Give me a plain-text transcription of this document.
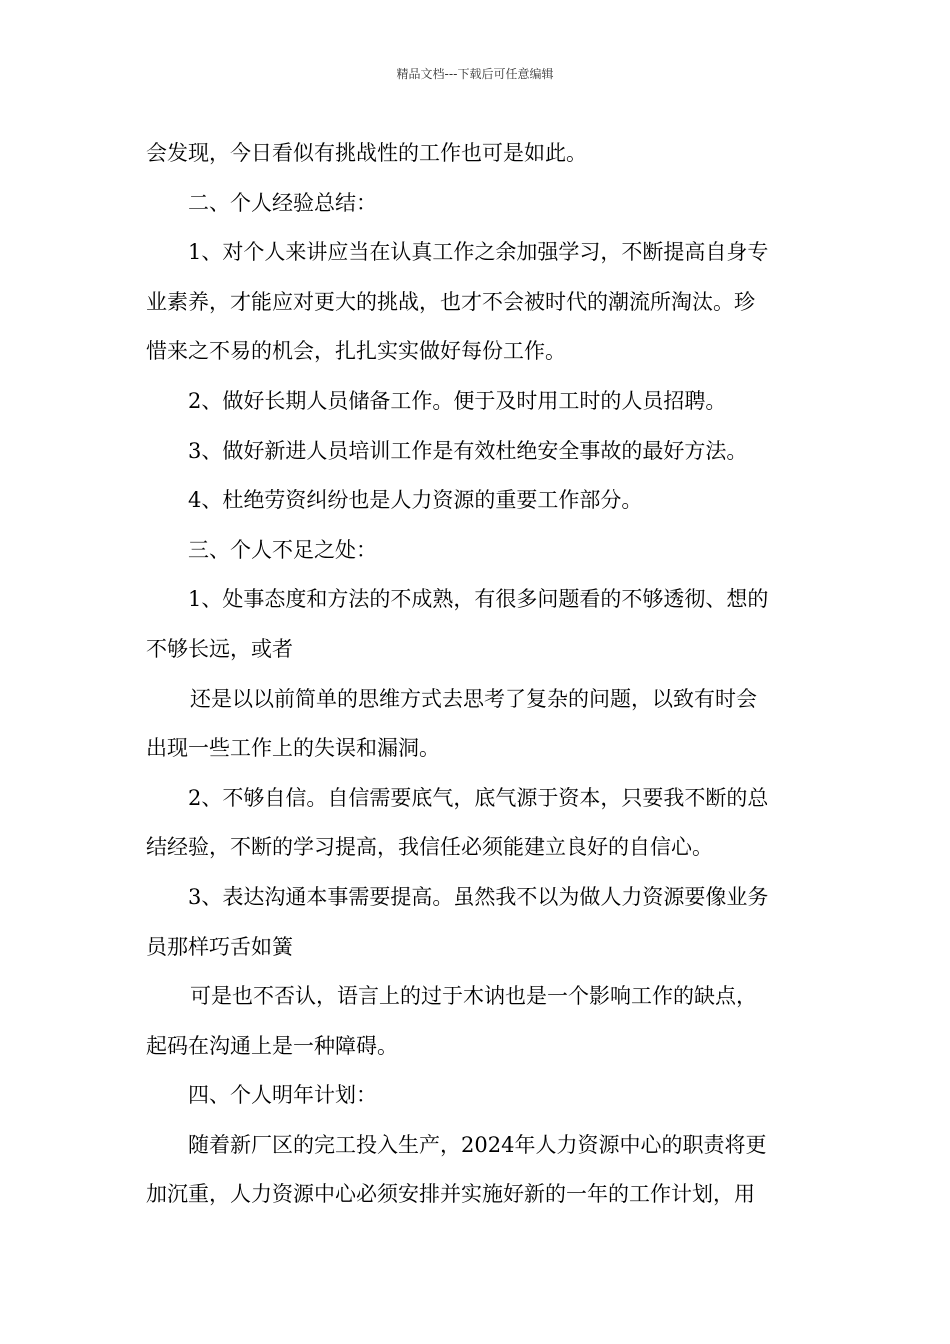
精品文档---下载后可任意编辑

会发现，今日看似有挑战性的工作也可是如此。

二、个人经验总结：

1、对个人来讲应当在认真工作之余加强学习，不断提高自身专

业素养，才能应对更大的挑战，也才不会被时代的潮流所淘汰。珍

惜来之不易的机会，扎扎实实做好每份工作。

2、做好长期人员储备工作。便于及时用工时的人员招聘。

3、做好新进人员培训工作是有效杜绝安全事故的最好方法。

4、杜绝劳资纠纷也是人力资源的重要工作部分。

三、个人不足之处：

1、处事态度和方法的不成熟，有很多问题看的不够透彻、想的

不够长远，或者

还是以以前简单的思维方式去思考了复杂的问题，以致有时会

出现一些工作上的失误和漏洞。

2、不够自信。自信需要底气，底气源于资本，只要我不断的总

结经验，不断的学习提高，我信任必须能建立良好的自信心。

3、表达沟通本事需要提高。虽然我不以为做人力资源要像业务

员那样巧舌如簧

可是也不否认，语言上的过于木讷也是一个影响工作的缺点，

起码在沟通上是一种障碍。

四、个人明年计划：

随着新厂区的完工投入生产，2024年人力资源中心的职责将更

加沉重，人力资源中心必须安排并实施好新的一年的工作计划，用
